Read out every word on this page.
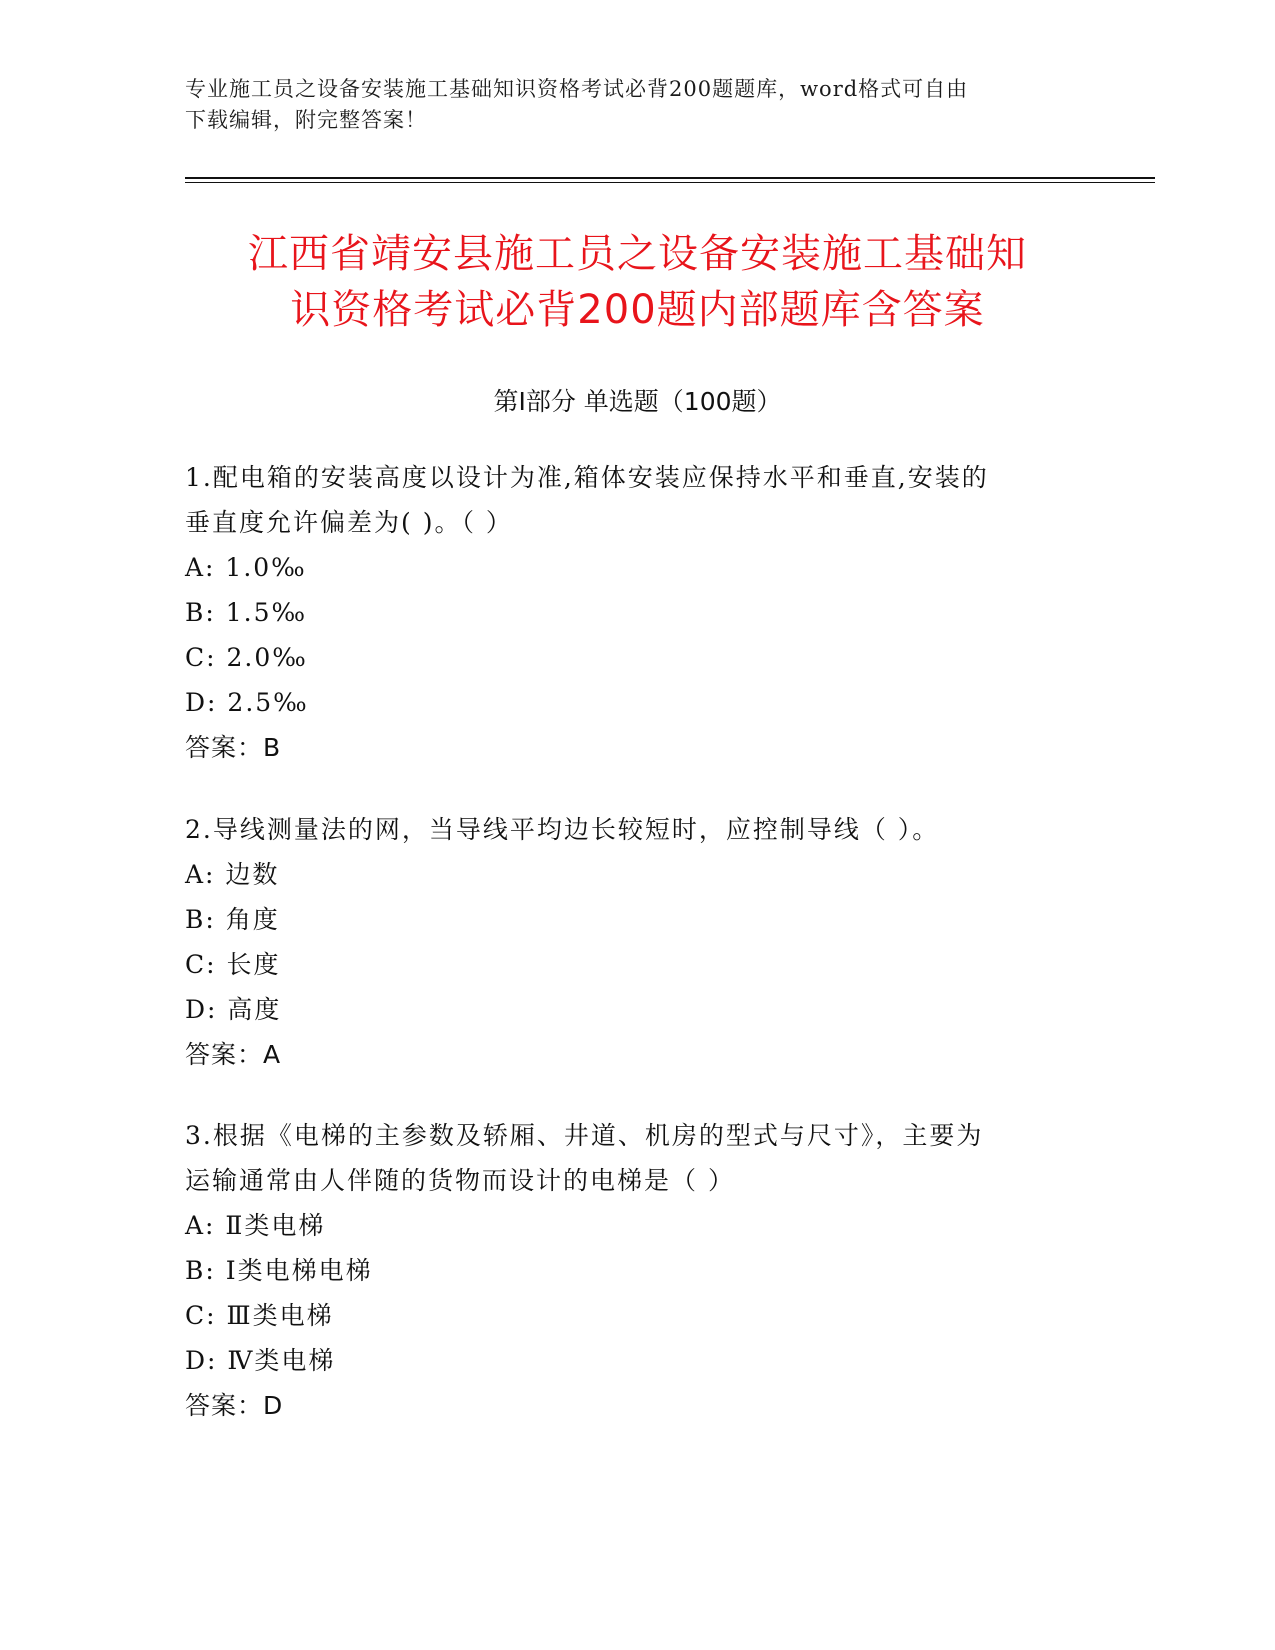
专业施工员之设备安装施工基础知识资格考试必背200题题库，word格式可自由
下载编辑，附完整答案！
江西省靖安县施工员之设备安装施工基础知
识资格考试必背200题内部题库含答案
第Ⅰ部分 单选题（100题）
1.配电箱的安装高度以设计为准,箱体安装应保持水平和垂直,安装的
垂直度允许偏差为( )。（ ）
A: 1.0‰
B: 1.5‰
C: 2.0‰
D: 2.5‰
答案：B
2.导线测量法的网，当导线平均边长较短时，应控制导线（ ）。
A: 边数
B: 角度
C: 长度
D: 高度
答案：A
3.根据《电梯的主参数及轿厢、井道、机房的型式与尺寸》，主要为
运输通常由人伴随的货物而设计的电梯是（ ）
A: Ⅱ类电梯
B: Ⅰ类电梯电梯
C: Ⅲ类电梯
D: Ⅳ类电梯
答案：D
